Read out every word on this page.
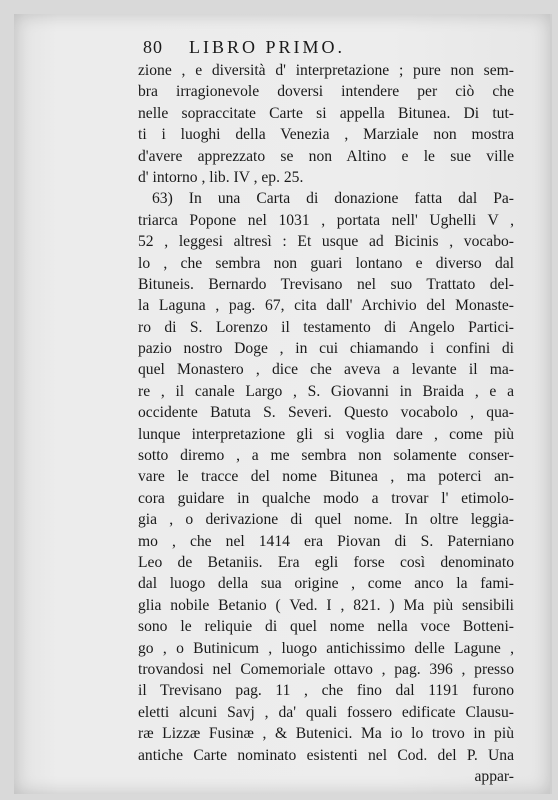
80 LIBRO PRIMO.
zione , e diversità d' interpretazione ; pure non sem-
bra irragionevole doversi intendere per ciò che
nelle sopraccitate Carte si appella Bitunea. Di tut-
ti i luoghi della Venezia , Marziale non mostra
d'avere apprezzato se non Altino e le sue ville
d' intorno , lib. IV , ep. 25.
63) In una Carta di donazione fatta dal Pa-
triarca Popone nel 1031 , portata nell' Ughelli V ,
52 , leggesi altresì : Et usque ad Bicinis , vocabo-
lo , che sembra non guari lontano e diverso dal
Bituneis. Bernardo Trevisano nel suo Trattato del-
la Laguna , pag. 67, cita dall' Archivio del Monaste-
ro di S. Lorenzo il testamento di Angelo Partici-
pazio nostro Doge , in cui chiamando i confini di
quel Monastero , dice che aveva a levante il ma-
re , il canale Largo , S. Giovanni in Braida , e a
occidente Batuta S. Severi. Questo vocabolo , qua-
lunque interpretazione gli si voglia dare , come più
sotto diremo , a me sembra non solamente conser-
vare le tracce del nome Bitunea , ma poterci an-
cora guidare in qualche modo a trovar l' etimolo-
gia , o derivazione di quel nome. In oltre leggia-
mo , che nel 1414 era Piovan di S. Paterniano
Leo de Betaniis. Era egli forse così denominato
dal luogo della sua origine , come anco la fami-
glia nobile Betanio ( Ved. I , 821. ) Ma più sensibili
sono le reliquie di quel nome nella voce Botteni-
go , o Butinicum , luogo antichissimo delle Lagune ,
trovandosi nel Comemoriale ottavo , pag. 396 , presso
il Trevisano pag. 11 , che fino dal 1191 furono
eletti alcuni Savj , da' quali fossero edificate Clausu-
ræ Lizzæ Fusinæ , & Butenici. Ma io lo trovo in più
antiche Carte nominato esistenti nel Cod. del P. Una
appar-
